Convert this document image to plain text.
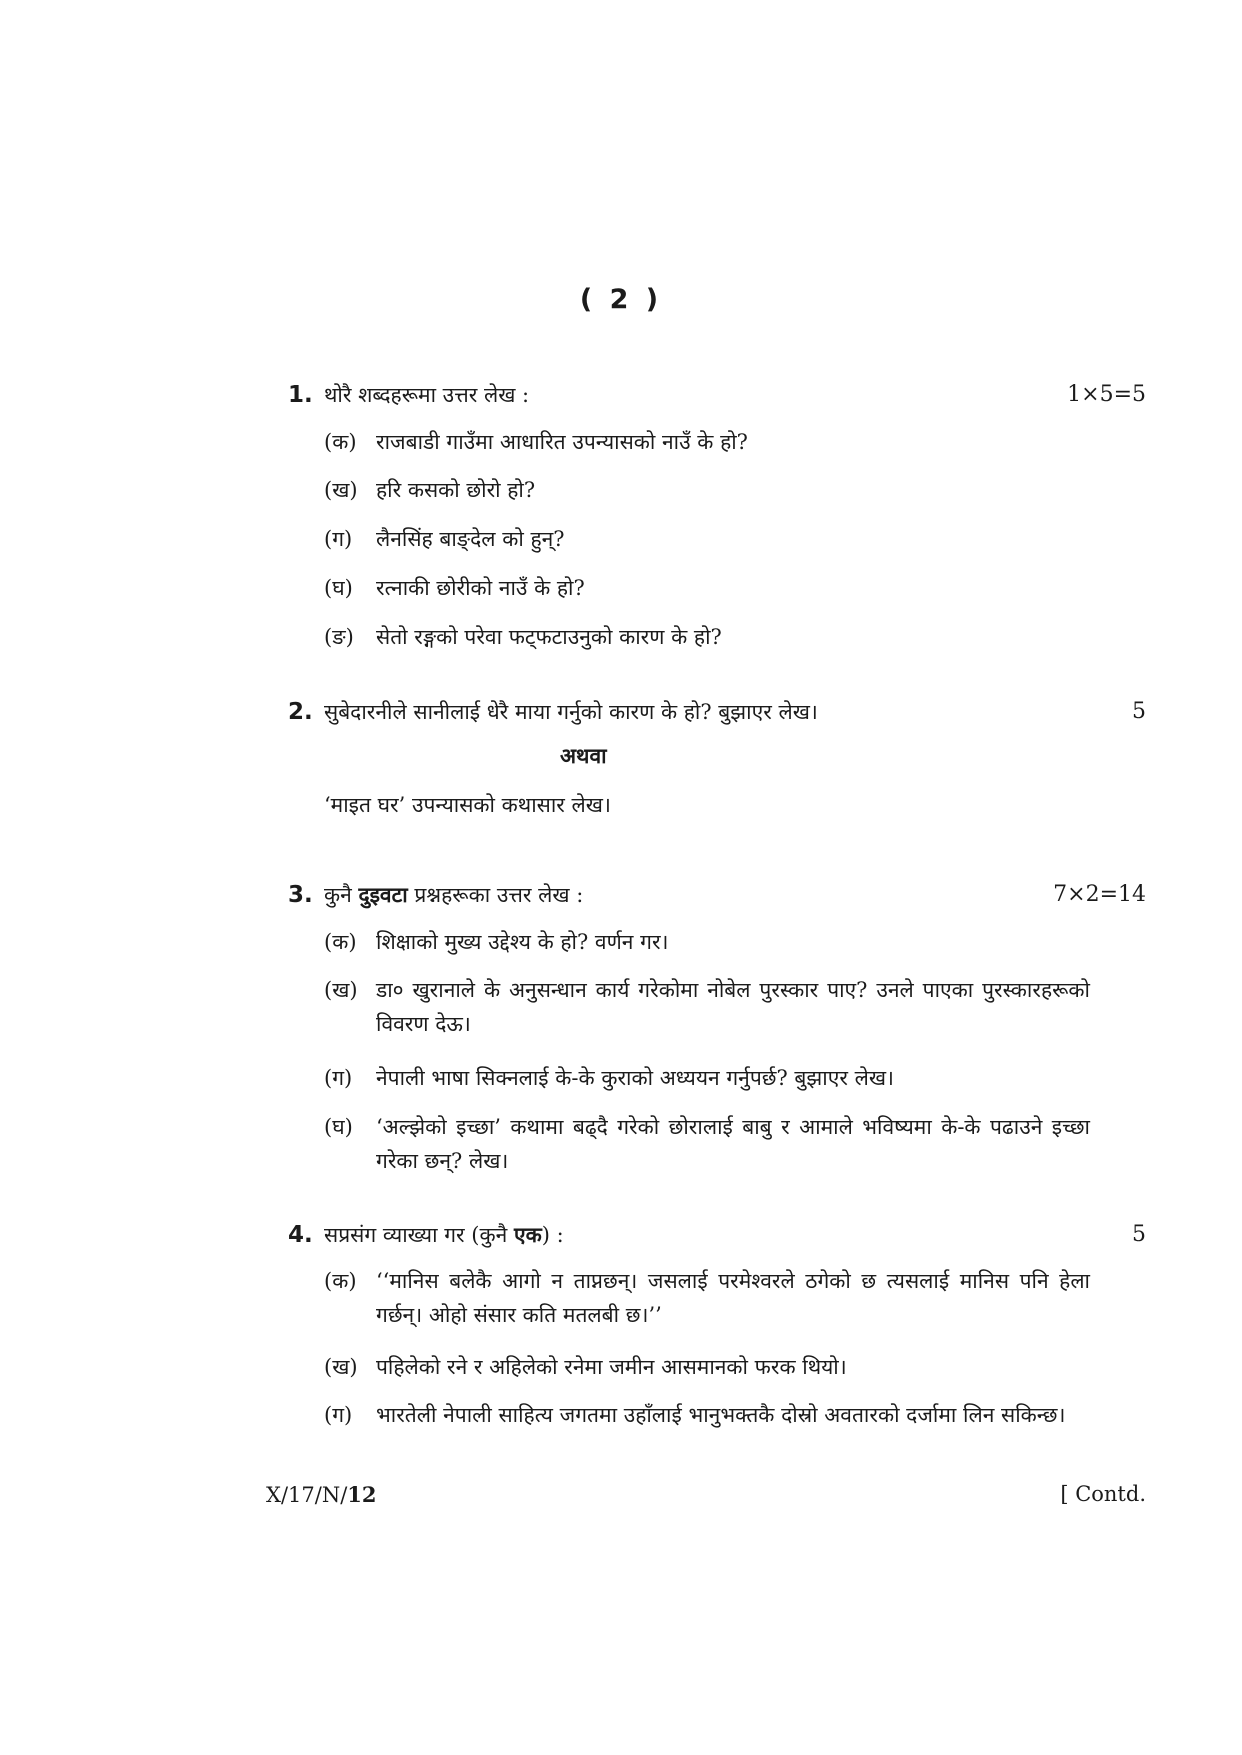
( 2 )
1. थोरै शब्दहरूमा उत्तर लेख :	1×5=5
(क) राजबाडी गाउँमा आधारित उपन्यासको नाउँ के हो?
(ख) हरि कसको छोरो हो?
(ग) लैनसिंह बाङ्देल को हुन्?
(घ) रत्नाकी छोरीको नाउँ के हो?
(ङ) सेतो रङ्गको परेवा फट्फटाउनुको कारण के हो?
2. सुबेदारनीले सानीलाई धेरै माया गर्नुको कारण के हो? बुझाएर लेख।	5
अथवा
‘माइत घर’ उपन्यासको कथासार लेख।
3. कुनै दुइवटा प्रश्नहरूका उत्तर लेख :	7×2=14
(क) शिक्षाको मुख्य उद्देश्य के हो? वर्णन गर।
(ख) डा० खुरानाले के अनुसन्धान कार्य गरेकोमा नोबेल पुरस्कार पाए? उनले पाएका पुरस्कारहरूको विवरण देऊ।
(ग) नेपाली भाषा सिक्नलाई के-के कुराको अध्ययन गर्नुपर्छ? बुझाएर लेख।
(घ) ‘अल्झेको इच्छा’ कथामा बढ्दै गरेको छोरालाई बाबु र आमाले भविष्यमा के-के पढाउने इच्छा गरेका छन्? लेख।
4. सप्रसंग व्याख्या गर (कुनै एक) :	5
(क) ‘‘मानिस बलेकै आगो न ताप्नछन्। जसलाई परमेश्वरले ठगेको छ त्यसलाई मानिस पनि हेला गर्छन्। ओहो संसार कति मतलबी छ।’’
(ख) पहिलेको रने र अहिलेको रनेमा जमीन आसमानको फरक थियो।
(ग) भारतेली नेपाली साहित्य जगतमा उहाँलाई भानुभक्तकै दोस्रो अवतारको दर्जामा लिन सकिन्छ।
X/17/N/12	[ Contd.
